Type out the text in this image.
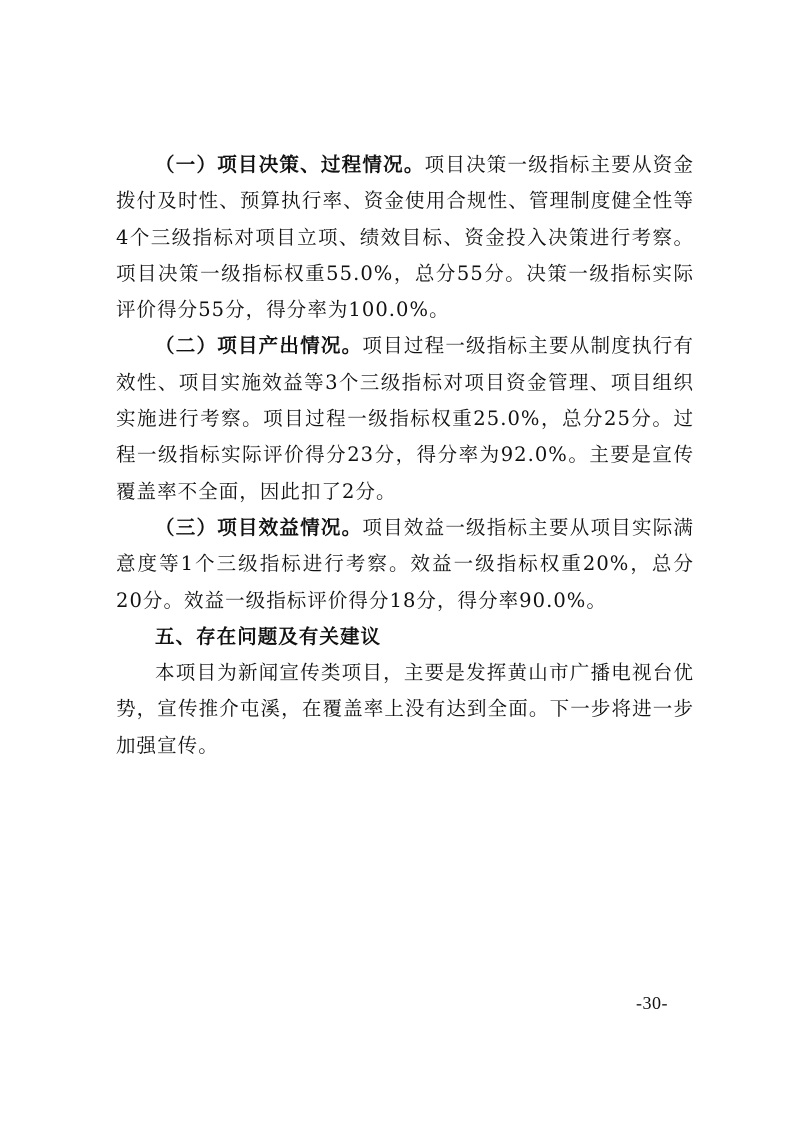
（一）项目决策、过程情况。项目决策一级指标主要从资金拨付及时性、预算执行率、资金使用合规性、管理制度健全性等4个三级指标对项目立项、绩效目标、资金投入决策进行考察。项目决策一级指标权重55.0%，总分55分。决策一级指标实际评价得分55分，得分率为100.0%。

（二）项目产出情况。项目过程一级指标主要从制度执行有效性、项目实施效益等3个三级指标对项目资金管理、项目组织实施进行考察。项目过程一级指标权重25.0%，总分25分。过程一级指标实际评价得分23分，得分率为92.0%。主要是宣传覆盖率不全面，因此扣了2分。

（三）项目效益情况。项目效益一级指标主要从项目实际满意度等1个三级指标进行考察。效益一级指标权重20%，总分20分。效益一级指标评价得分18分，得分率90.0%。

五、存在问题及有关建议

本项目为新闻宣传类项目，主要是发挥黄山市广播电视台优势，宣传推介屯溪，在覆盖率上没有达到全面。下一步将进一步加强宣传。

-30-
